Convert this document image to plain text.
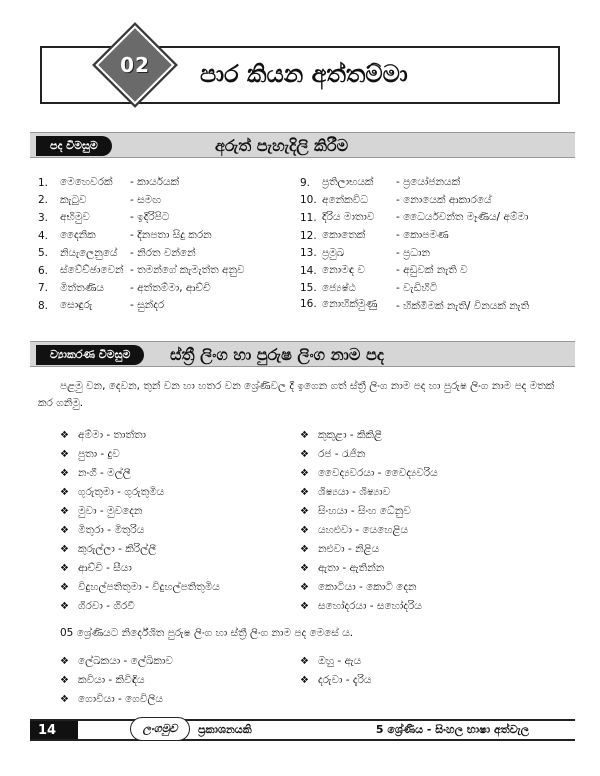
02	පාර කියන අත්තම්මා
පද විමසුම	අරුත් පැහැදිලි කිරීම
1.	මෙහෙවරක්	- කාර්යයක්
2.	කැටුව	- සමඟ
3.	අභිමුව	- ඉදිරිපිට
4.	දෛනික	- දිනපතා සිදු කරන
5.	නියැලෙනුයේ	- නිරත වන්නේ
6.	ස්වේච්ඡාවෙන් - තමන්ගේ කැමැත්ත අනුව
7.	මිත්තණිය	- අත්තම්මා, ආච්චි
8.	සොඳුරු	- සුන්දර
9.	ප්‍රතිලාභයක්	- ප්‍රයෝජනයක්
10. අනේකවිධ	- නොයෙක් ආකාරයේ
11. දිරිය මාතාව	- ධෛර්යවන්ත මෑණිය/ අම්මා
12. කොතෙක්	- කොපමණ
13. ප්‍රමුඛ	- ප්‍රධාන
14. නොමඳ ව	- අඩුවක් නැති ව
15. ජ්‍යෙෂ්ඨ	- වැඩිහිටි
16. නොහික්මුණු	- හික්මීමක් නැති/ විනයක් නැති
ව්‍යාකරණ විමසුම	ස්ත්‍රී ලිංග හා පුරුෂ ලිංග නාම පද
පළමු වන, දෙවන, තුන් වන හා හතර වන ශ්‍රේණිවල දී ඉගෙන ගත් ස්ත්‍රී ලිංග නාම පද හා පුරුෂ ලිංග නාම පද මතක් කර ගනිමු.
❖ අම්මා - තාත්තා
❖ පුතා - දුව
❖ නංගී - මල්ලී
❖ ගුරුතුමා - ගුරුතුමිය
❖ මුවා - මුවදෙන
❖ මිතුරා - මිතුරිය
❖ කුරුල්ලා - කිරිල්ලී
❖ ආච්චි - සීයා
❖ විදුහල්පතිතුමා - විදුහල්පතිතුමිය
❖ ගිරවා - ගිරවී
❖ කුකුළා - කිකිළී
❖ රජ - රැජින
❖ වෛද්‍යවරයා - වෛද්‍යවරිය
❖ ශිෂ්‍යයා - ශිෂ්‍යාව
❖ සිංහයා - සිංහ ධේනුව
❖ යහළුවා - යෙහෙළිය
❖ නළුවා - නිළිය
❖ ඇතා - ඇතින්න
❖ කොටියා - කොටි දෙන
❖ සහෝදරයා - සහෝදරිය
05 ශ්‍රේණියට නිර්දේශිත පුරුෂ ලිංග හා ස්ත්‍රී ලිංග නාම පද මෙසේ ය.
❖ ලේඛකයා - ලේඛිකාව
❖ කවියා - කිවිඳිය
❖ ගොවියා - ගෙවිලිය
❖ ඔහු - ඇය
❖ දරුවා - දැරිය
14	ලංගමුව	ප්‍රකාශනයකි	5 ශ්‍රේණිය - සිංහල භාෂා අත්වැල
